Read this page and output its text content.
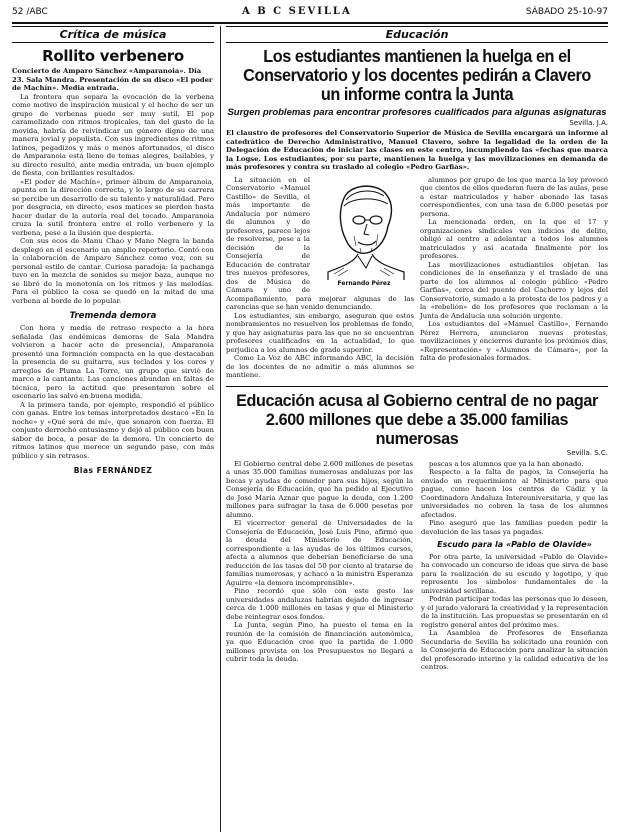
52 /ABC	A B C SEVILLA	SÁBADO 25-10-97
Crítica de música
Rollito verbenero
Concierto de Amparo Sánchez «Amparanoia». Día 23. Sala Mandra. Presentación de su disco «El poder de Machín». Media entrada.

La frontera que separa la evocación de la verbena como motivo de inspiración musical y el hecho de ser un grupo de verbenas puede ser muy sutil. El pop caramelizado con ritmos tropicales, tan del gusto de la movida, habría de reivindicar un género digno de una manera jovial y populista. Con sus ingredientes de ritmos latinos, pegadizos y más o menos afortunados, el disco de Amparanoia está lleno de temas alegres, bailables, y su directo resultó, ante media entrada, un buen ejemplo de fiesta, con brillantes resultados.

«El poder de Machín», primer álbum de Amparanoia, apunta en la dirección correcta, y lo largo de su carrera se percibe un desarrollo de su talento y naturalidad. Pero por desgracia, en directo, esos matices se pierden hasta hacer dudar de la autoría real del tocado. Amparanoia cruza la sutil frontera entre el rollo verbenero y la verbena, pese a la ilusión que despierta.

Con sus ecos de Manu Chao y Mano Negra la banda desplegó en el escenario un amplio repertorio. Contó con la colaboración de Amparo Sánchez como voz, con su personal estilo de cantar. Curiosa paradoja: la pachanga tuvo en la mezcla de sonidos su mejor baza, aunque no se libró de la monotonía en los ritmos y las melodías. Para el público la cosa se quedó en la mitad de una verbena al borde de lo popular.

Tremenda demora

Con hora y media de retraso respecto a la hora señalada (las endémicas demoras de Sala Mandra volvieron a hacer acto de presencia), Amparanoia presentó una formación compacta en la que destacaban la presencia de su guitarra, sus teclados y los coros y arreglos de Pluma La Torre, un grupo que sirvió de marco a la cantante. Las canciones abundan en faltas de técnica, pero la actitud que presentaron sobre el escenario las salvó en buena medida.

A la primera tanda, por ejemplo, respondió el público con ganas. Entre los temas interpretados destacó «En la noche» y «Qué será de mí», que sonaron con fuerza. El conjunto derrochó entusiasmo y dejó al público con buen sabor de boca, a pesar de la demora. Un concierto de ritmos latinos que merece un segundo pase, con más público y sin retrasos.

Blas FERNÁNDEZ
Educación
Los estudiantes mantienen la huelga en el Conservatorio y los docentes pedirán a Clavero un informe contra la Junta
Surgen problemas para encontrar profesores cualificados para algunas asignaturas
Sevilla. J.A.
El claustro de profesores del Conservatorio Superior de Música de Sevilla encargará un informe al catedrático de Derecho Administrativo, Manuel Clavero, sobre la legalidad de la orden de la Delegación de Educación de iniciar las clases en este centro, incumpliendo las «fechas que marca la Logse. Los estudiantes, por su parte, mantienen la huelga y las movilizaciones en demanda de más profesores y contra su traslado al colegio «Pedro Garfias».
Fernando Pérez

La situación en el Conservatorio «Manuel Castillo» de Sevilla, el más importante de Andalucía por número de alumnos y de profesores, parece lejos de resolverse, pese a la decisión de la Consejería de Educación de contratar tres nuevos profesores, dos de Música de Cámara y uno de Acompañamiento, para mejorar algunas de las carencias que se han venido denunciando.

Los estudiantes, sin embargo, aseguran que estos nombramientos no resuelven los problemas de fondo, y que hay asignaturas para las que no se encuentran profesores cualificados en la actualidad, lo que perjudica a los alumnos de grado superior.

Como La Voz de ABC informando ABC, la decisión de los docentes de no admitir a más alumnos se mantiene.

alumnos por grupo de los que marca la ley provocó que cientos de ellos quedaran fuera de las aulas, pese a estar matriculados y haber abonado las tasas correspondientes, con una tasa de 6.000 pesetas por persona.

La mencionada orden, en la que el 17 y organizaciones sindicales ven indicios de delito, obligó al centro a adelantar a todos los alumnos matriculados y así acatada finalmente por los profesores.

Las movilizaciones estudiantiles objetan las condiciones de la enseñanza y el traslado de una parte de los alumnos al colegio público «Pedro Garfias», cerca del puente del Cachorro y lejos del Conservatorio, sumado a la protesta de los padres y a la «rebelión» de los profesores que reclaman a la Junta de Andalucía una solución urgente.

Los estudiantes del «Manuel Castillo», Fernando Pérez Herrera, anunciaron nuevas protestas, movilizaciones y encierros durante los próximos días, «Representación» y «Alumnos de Cámara», por la falta de profesionales formados.

Educación acusa al Gobierno central de no pagar 2.600 millones que debe a 35.000 familias numerosas
Sevilla. S.C.

El Gobierno central debe 2.600 millones de pesetas a unas 35.000 familias numerosas andaluzas por las becas y ayudas de comedor para sus hijos, según la Consejería de Educación, que ha pedido al Ejecutivo de José María Aznar que pague la deuda, con 1.200 millones para sufragar la tasa de 6.000 pesetas por alumno.

El vicerrector general de Universidades de la Consejería de Educación, José Luis Pino, afirmó que la deuda del Ministerio de Educación, correspondiente a las ayudas de los últimos cursos, afecta a alumnos que deberían beneficiarse de una reducción de las tasas del 50 por ciento al tratarse de familias numerosas, y achacó a la ministra Esperanza Aguirre «la demora incomprensible».

Pino recordó que sólo con este gesto las universidades andaluzas habrían dejado de ingresar cerca de 1.000 millones en tasas y que el Ministerio debe reintegrar esos fondos.

La Junta, según Pino, ha puesto el tema en la reunión de la comisión de financiación autonómica, ya que Educación cree que la partida de 1.000 millones prevista en los Presupuestos no llegará a cubrir toda la deuda.

pescas a los alumnos que ya la han abonado.

Respecto a la falta de pagos, la Consejería ha enviado un requerimiento al Ministerio para que pague, como hacen los centros de Cádiz y la Coordinadora Andaluza Intereuniversitaria, y que las universidades no cobren la tasa de los alumnos afectados.

Pino aseguró que las familias pueden pedir la devolución de las tasas ya pagadas.

Escudo para la «Pablo de Olavide»

Por otra parte, la universidad «Pablo de Olavide» ha convocado un concurso de ideas que sirva de base para la realización de su escudo y logotipo, y que represente los símbolos fundamentales de la universidad sevillana.

Podrán participar todas las personas que lo deseen, y el jurado valorará la creatividad y la representación de la institución. Las propuestas se presentarán en el registro general antes del próximo mes.

La Asamblea de Profesores de Enseñanza Secundaria de Sevilla ha solicitado una reunión con la Consejería de Educación para analizar la situación del profesorado interino y la calidad educativa de los centros.
